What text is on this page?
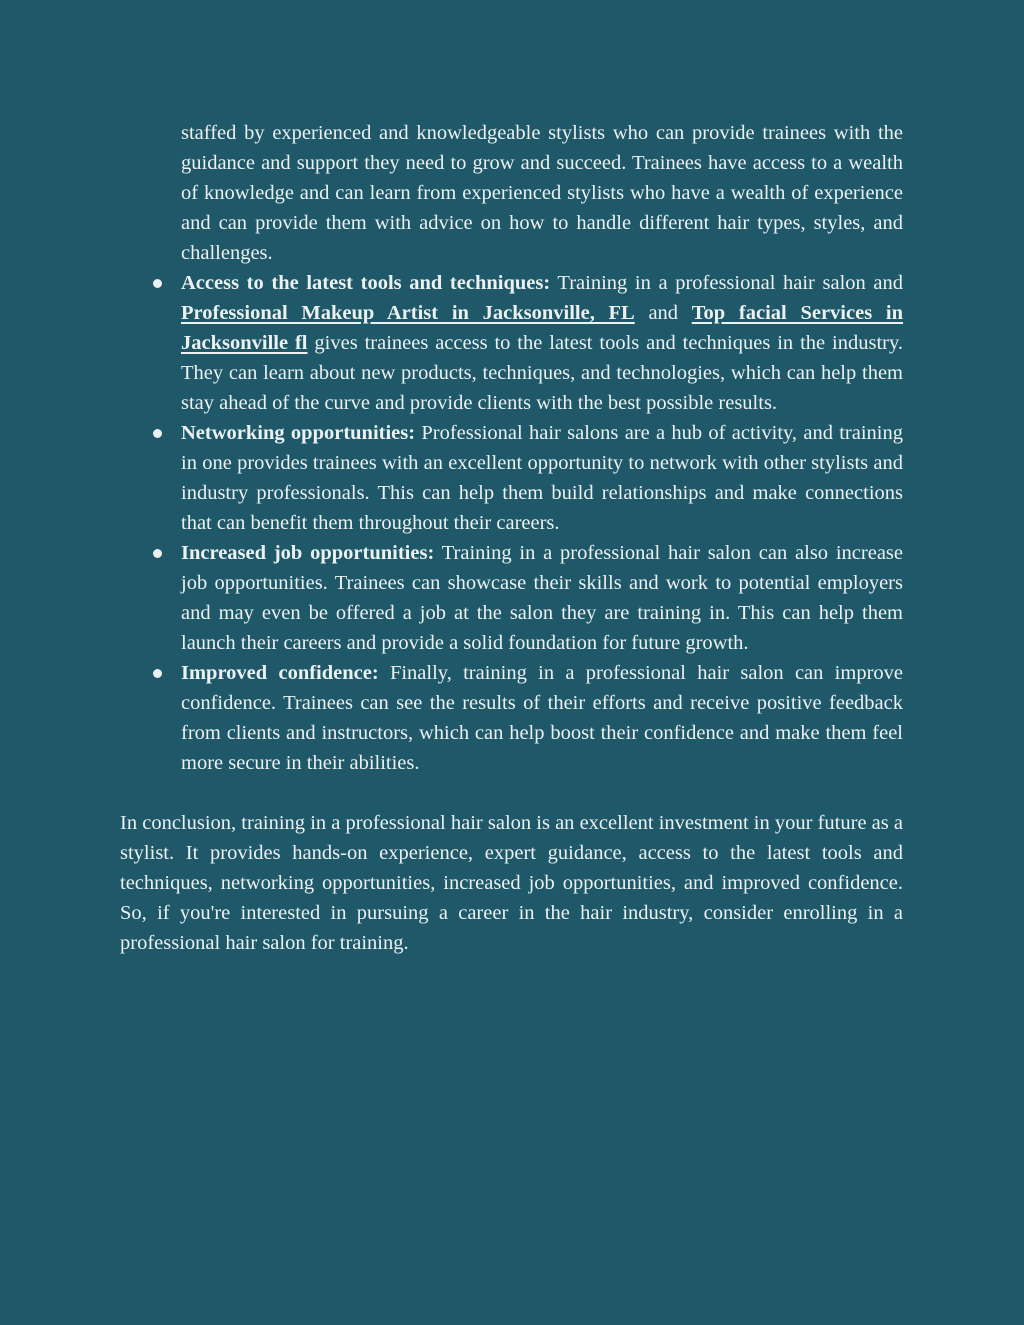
staffed by experienced and knowledgeable stylists who can provide trainees with the guidance and support they need to grow and succeed. Trainees have access to a wealth of knowledge and can learn from experienced stylists who have a wealth of experience and can provide them with advice on how to handle different hair types, styles, and challenges.

Access to the latest tools and techniques: Training in a professional hair salon and Professional Makeup Artist in Jacksonville, FL and Top facial Services in Jacksonville fl gives trainees access to the latest tools and techniques in the industry. They can learn about new products, techniques, and technologies, which can help them stay ahead of the curve and provide clients with the best possible results.
Networking opportunities: Professional hair salons are a hub of activity, and training in one provides trainees with an excellent opportunity to network with other stylists and industry professionals. This can help them build relationships and make connections that can benefit them throughout their careers.
Increased job opportunities: Training in a professional hair salon can also increase job opportunities. Trainees can showcase their skills and work to potential employers and may even be offered a job at the salon they are training in. This can help them launch their careers and provide a solid foundation for future growth.
Improved confidence: Finally, training in a professional hair salon can improve confidence. Trainees can see the results of their efforts and receive positive feedback from clients and instructors, which can help boost their confidence and make them feel more secure in their abilities.

In conclusion, training in a professional hair salon is an excellent investment in your future as a stylist. It provides hands-on experience, expert guidance, access to the latest tools and techniques, networking opportunities, increased job opportunities, and improved confidence. So, if you're interested in pursuing a career in the hair industry, consider enrolling in a professional hair salon for training.
